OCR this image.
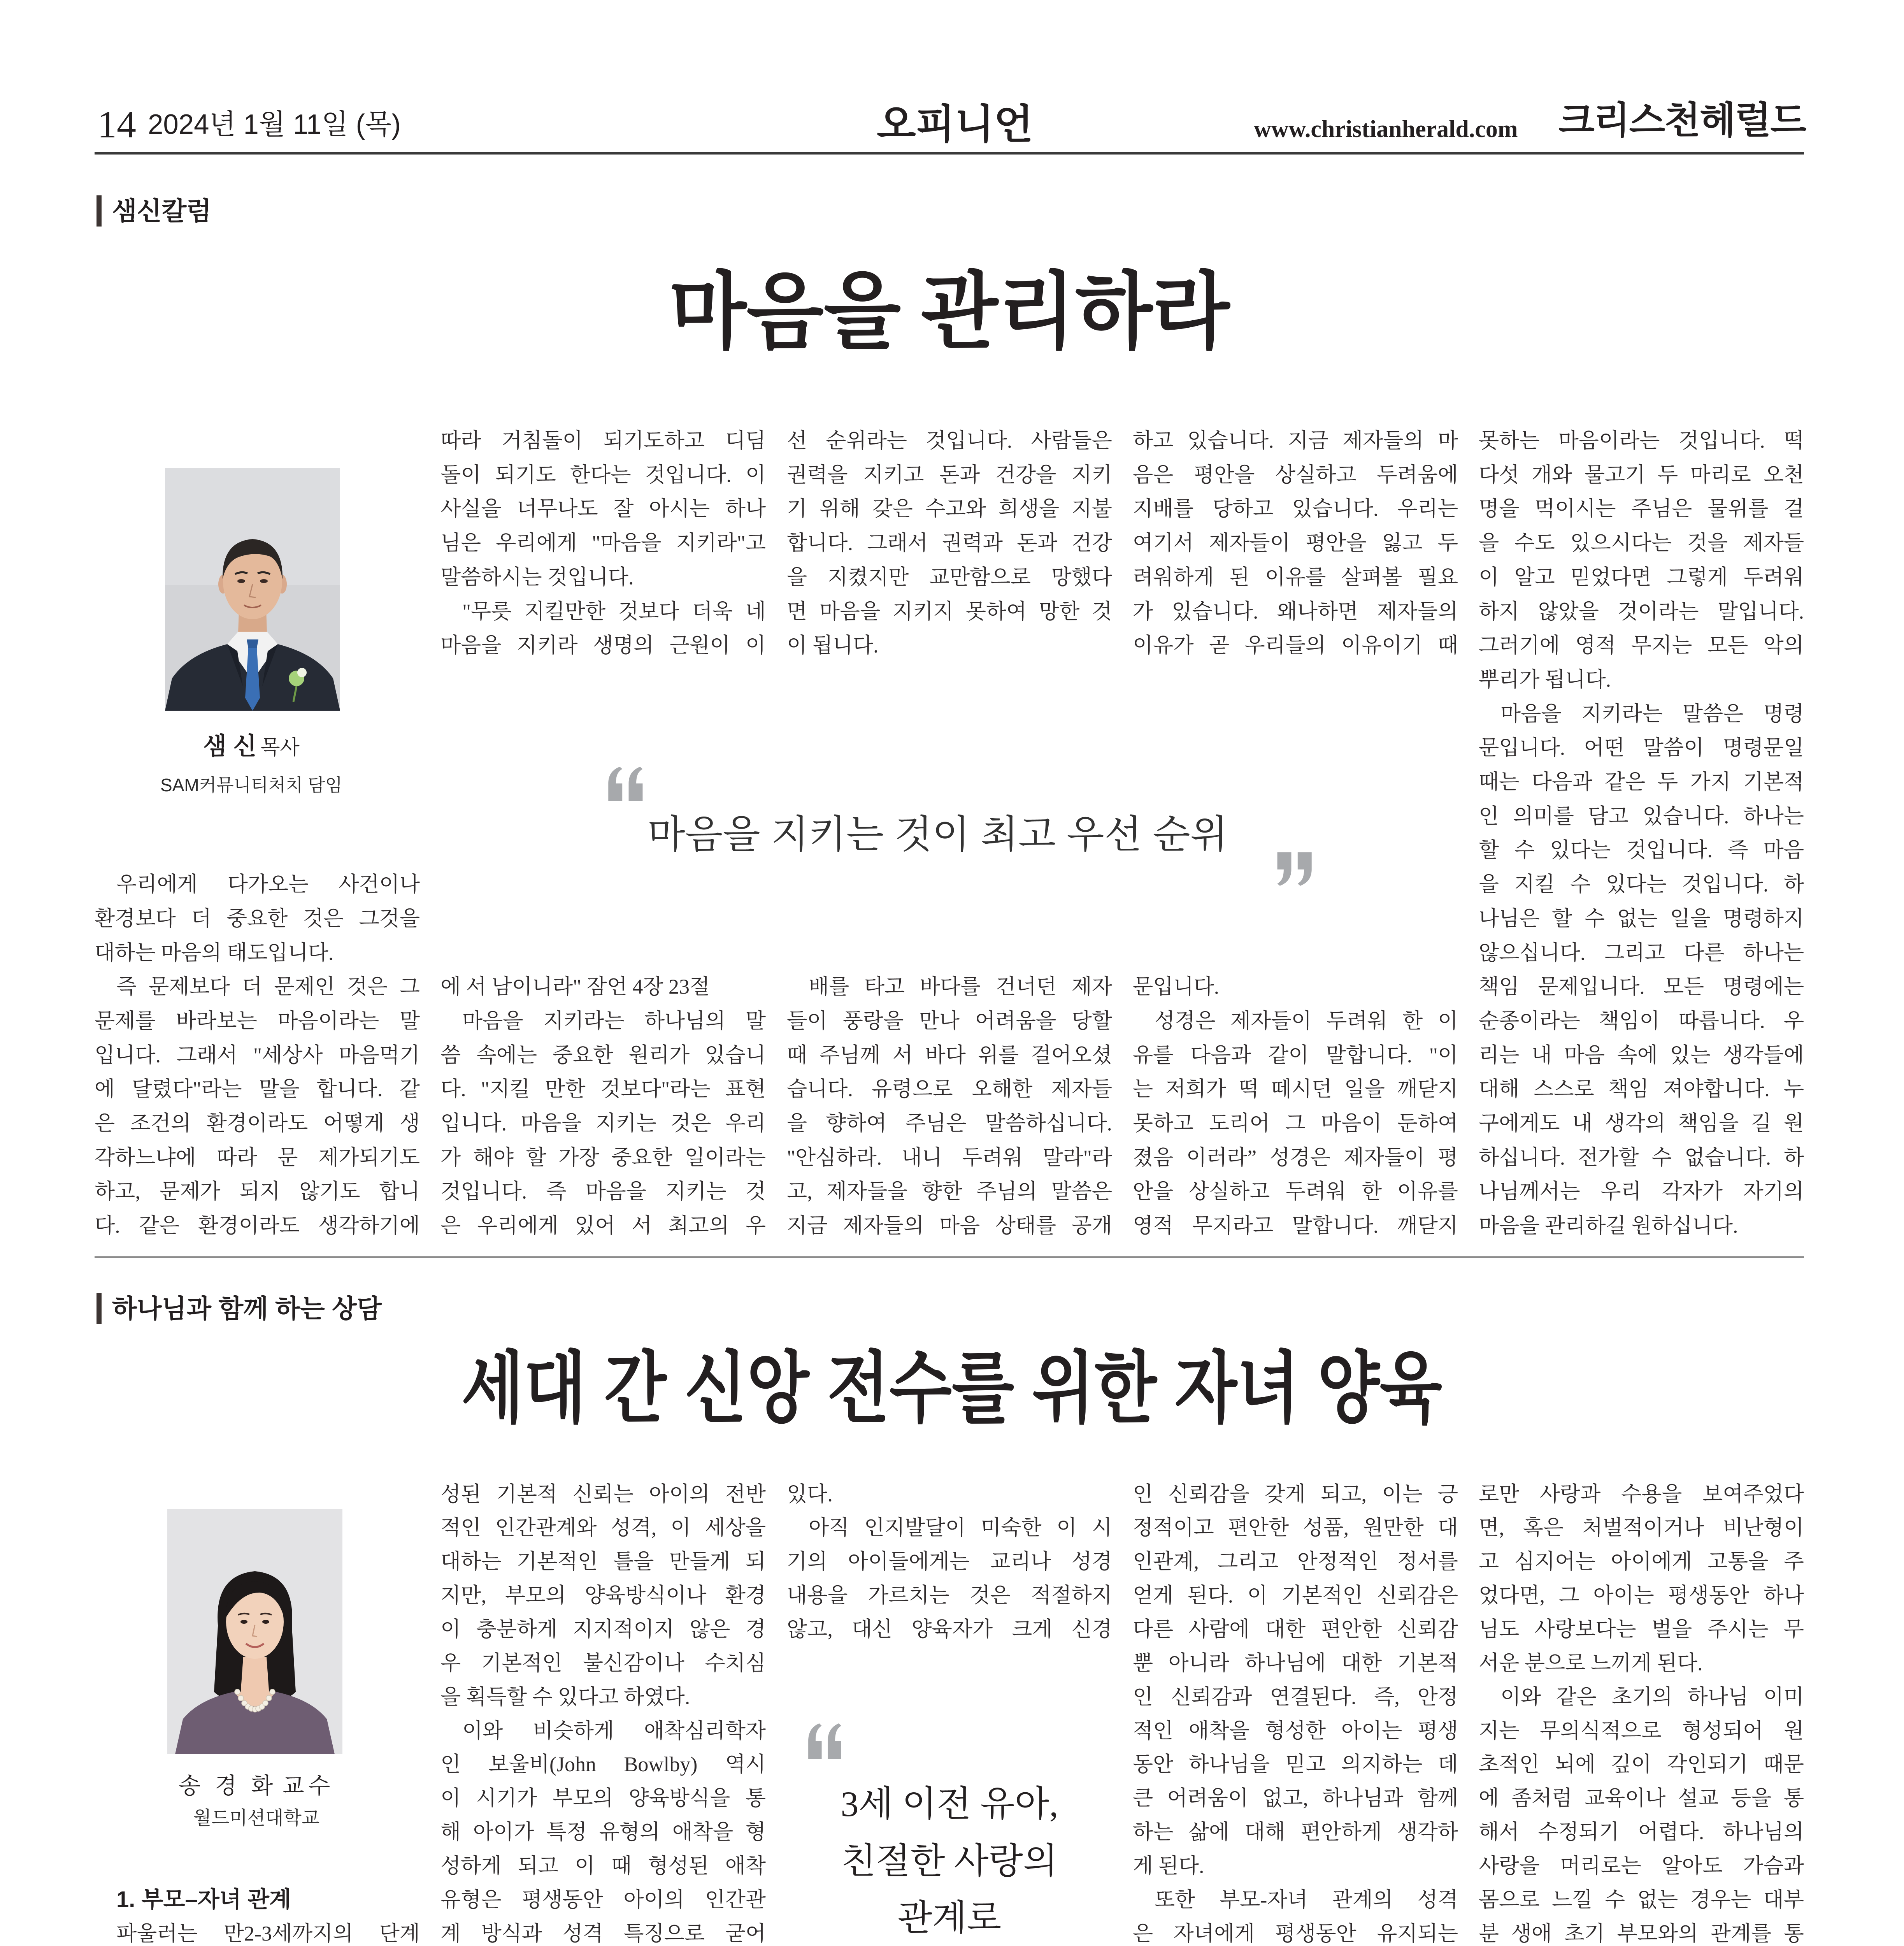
14 2024년 1월 11일 (목)	오피니언	www.christianherald.com	크리스천헤럴드
샘신칼럼
마음을 관리하라
샘 신 목사
SAM커뮤니티처치 담임
우리에게 다가오는 사건이나
환경보다 더 중요한 것은 그것을
대하는 마음의 태도입니다.
즉 문제보다 더 문제인 것은 그
문제를 바라보는 마음이라는 말
입니다. 그래서 "세상사 마음먹기
에 달렸다"라는 말을 합니다. 같
은 조건의 환경이라도 어떻게 생
각하느냐에 따라 문 제가되기도
하고, 문제가 되지 않기도 합니
다. 같은 환경이라도 생각하기에
따라 거침돌이 되기도하고 디딤
돌이 되기도 한다는 것입니다. 이
사실을 너무나도 잘 아시는 하나
님은 우리에게 "마음을 지키라"고
말씀하시는 것입니다.
"무릇 지킬만한 것보다 더욱 네
마음을 지키라 생명의 근원이 이
에 서 남이니라" 잠언 4장 23절
마음을 지키라는 하나님의 말
씀 속에는 중요한 원리가 있습니
다. "지킬 만한 것보다"라는 표현
입니다. 마음을 지키는 것은 우리
가 해야 할 가장 중요한 일이라는
것입니다. 즉 마음을 지키는 것
은 우리에게 있어 서 최고의 우
선 순위라는 것입니다. 사람들은
권력을 지키고 돈과 건강을 지키
기 위해 갖은 수고와 희생을 지불
합니다. 그래서 권력과 돈과 건강
을 지켰지만 교만함으로 망했다
면 마음을 지키지 못하여 망한 것
이 됩니다.
배를 타고 바다를 건너던 제자
들이 풍랑을 만나 어려움을 당할
때 주님께 서 바다 위를 걸어오셨
습니다. 유령으로 오해한 제자들
을 향하여 주님은 말씀하십니다.
"안심하라. 내니 두려워 말라"라
고, 제자들을 향한 주님의 말씀은
지금 제자들의 마음 상태를 공개
하고 있습니다. 지금 제자들의 마
음은 평안을 상실하고 두려움에
지배를 당하고 있습니다. 우리는
여기서 제자들이 평안을 잃고 두
려워하게 된 이유를 살펴볼 필요
가 있습니다. 왜나하면 제자들의
이유가 곧 우리들의 이유이기 때
문입니다.
성경은 제자들이 두려워 한 이
유를 다음과 같이 말합니다. "이
는 저희가 떡 떼시던 일을 깨닫지
못하고 도리어 그 마음이 둔하여
졌음 이러라” 성경은 제자들이 평
안을 상실하고 두려워 한 이유를
영적 무지라고 말합니다. 깨닫지
못하는 마음이라는 것입니다. 떡
다섯 개와 물고기 두 마리로 오천
명을 먹이시는 주님은 물위를 걸
을 수도 있으시다는 것을 제자들
이 알고 믿었다면 그렇게 두려워
하지 않았을 것이라는 말입니다.
그러기에 영적 무지는 모든 악의
뿌리가 됩니다.
마음을 지키라는 말씀은 명령
문입니다. 어떤 말씀이 명령문일
때는 다음과 같은 두 가지 기본적
인 의미를 담고 있습니다. 하나는
할 수 있다는 것입니다. 즉 마음
을 지킬 수 있다는 것입니다. 하
나님은 할 수 없는 일을 명령하지
않으십니다. 그리고 다른 하나는
책임 문제입니다. 모든 명령에는
순종이라는 책임이 따릅니다. 우
리는 내 마음 속에 있는 생각들에
대해 스스로 책임 져야합니다. 누
구에게도 내 생각의 책임을 길 원
하십니다. 전가할 수 없습니다. 하
나님께서는 우리 각자가 자기의
마음을 관리하길 원하십니다.
마음을 지키는 것이 최고 우선 순위
하나님과 함께 하는 상담
세대 간 신앙 전수를 위한 자녀 양육
송 경 화 교수
월드미션대학교
1. 부모–자녀 관계
파울러는 만2-3세까지의 단계
성된 기본적 신뢰는 아이의 전반
적인 인간관계와 성격, 이 세상을
대하는 기본적인 틀을 만들게 되
지만, 부모의 양육방식이나 환경
이 충분하게 지지적이지 않은 경
우 기본적인 불신감이나 수치심
을 획득할 수 있다고 하였다.
이와 비슷하게 애착심리학자
인 보울비(John Bowlby) 역시
이 시기가 부모의 양육방식을 통
해 아이가 특정 유형의 애착을 형
성하게 되고 이 때 형성된 애착
유형은 평생동안 아이의 인간관
계 방식과 성격 특징으로 굳어
있다.
아직 인지발달이 미숙한 이 시
기의 아이들에게는 교리나 성경
내용을 가르치는 것은 적절하지
않고, 대신 양육자가 크게 신경
인 신뢰감을 갖게 되고, 이는 긍
정적이고 편안한 성품, 원만한 대
인관계, 그리고 안정적인 정서를
얻게 된다. 이 기본적인 신뢰감은
다른 사람에 대한 편안한 신뢰감
뿐 아니라 하나님에 대한 기본적
인 신뢰감과 연결된다. 즉, 안정
적인 애착을 형성한 아이는 평생
동안 하나님을 믿고 의지하는 데
큰 어려움이 없고, 하나님과 함께
하는 삶에 대해 편안하게 생각하
게 된다.
또한 부모-자녀 관계의 성격
은 자녀에게 평생동안 유지되는
로만 사랑과 수용을 보여주었다
면, 혹은 처벌적이거나 비난형이
고 심지어는 아이에게 고통을 주
었다면, 그 아이는 평생동안 하나
님도 사랑보다는 벌을 주시는 무
서운 분으로 느끼게 된다.
이와 같은 초기의 하나님 이미
지는 무의식적으로 형성되어 원
초적인 뇌에 깊이 각인되기 때문
에 좀처럼 교육이나 설교 등을 통
해서 수정되기 어렵다. 하나님의
사랑을 머리로는 알아도 가슴과
몸으로 느낄 수 없는 경우는 대부
분 생애 초기 부모와의 관계를 통
3세 이전 유아,
친절한 사랑의
관계로
